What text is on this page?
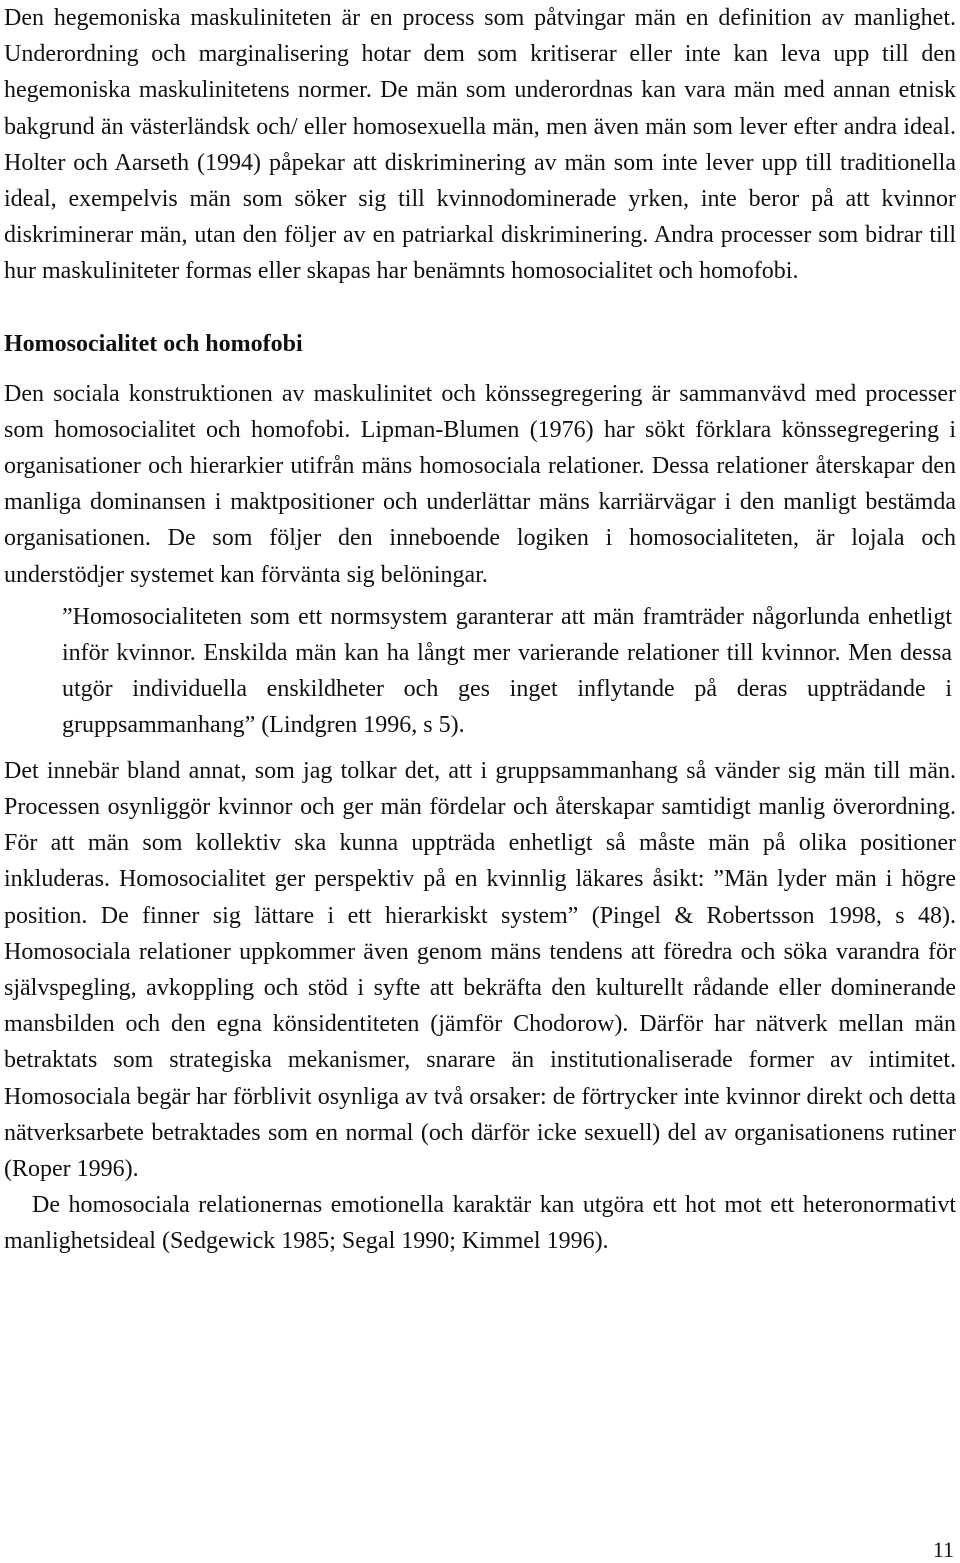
Den hegemoniska maskuliniteten är en process som påtvingar män en definition av manlighet. Underordning och marginalisering hotar dem som kritiserar eller inte kan leva upp till den hegemoniska maskulinitetens normer. De män som underordnas kan vara män med annan etnisk bakgrund än västerländsk och/ eller homosexuella män, men även män som lever efter andra ideal. Holter och Aarseth (1994) påpekar att diskriminering av män som inte lever upp till traditionella ideal, exempelvis män som söker sig till kvinnodominerade yrken, inte beror på att kvinnor diskriminerar män, utan den följer av en patriarkal diskriminering. Andra processer som bidrar till hur maskuliniteter formas eller skapas har benämnts homosocialitet och homofobi.

Homosocialitet och homofobi

Den sociala konstruktionen av maskulinitet och könssegregering är sammanvävd med processer som homosocialitet och homofobi. Lipman-Blumen (1976) har sökt förklara könssegregering i organisationer och hierarkier utifrån mäns homosociala relationer. Dessa relationer återskapar den manliga dominansen i maktpositioner och underlättar mäns karriärvägar i den manligt bestämda organisationen. De som följer den inneboende logiken i homosocialiteten, är lojala och understödjer systemet kan förvänta sig belöningar.

”Homosocialiteten som ett normsystem garanterar att män framträder någorlunda enhetligt inför kvinnor. Enskilda män kan ha långt mer varierande relationer till kvinnor. Men dessa utgör individuella enskildheter och ges inget inflytande på deras uppträdande i gruppsammanhang” (Lindgren 1996, s 5).

Det innebär bland annat, som jag tolkar det, att i gruppsammanhang så vänder sig män till män. Processen osynliggör kvinnor och ger män fördelar och återskapar samtidigt manlig överordning. För att män som kollektiv ska kunna uppträda enhetligt så måste män på olika positioner inkluderas. Homosocialitet ger perspektiv på en kvinnlig läkares åsikt: ”Män lyder män i högre position. De finner sig lättare i ett hierarkiskt system” (Pingel & Robertsson 1998, s 48). Homosociala relationer uppkommer även genom mäns tendens att föredra och söka varandra för självspegling, avkoppling och stöd i syfte att bekräfta den kulturellt rådande eller dominerande mansbilden och den egna könsidentiteten (jämför Chodorow). Därför har nätverk mellan män betraktats som strategiska mekanismer, snarare än institutionaliserade former av intimitet. Homosociala begär har förblivit osynliga av två orsaker: de förtrycker inte kvinnor direkt och detta nätverksarbete betraktades som en normal (och därför icke sexuell) del av organisationens rutiner (Roper 1996).

De homosociala relationernas emotionella karaktär kan utgöra ett hot mot ett heteronormativt manlighetsideal (Sedgewick 1985; Segal 1990; Kimmel 1996).

11
